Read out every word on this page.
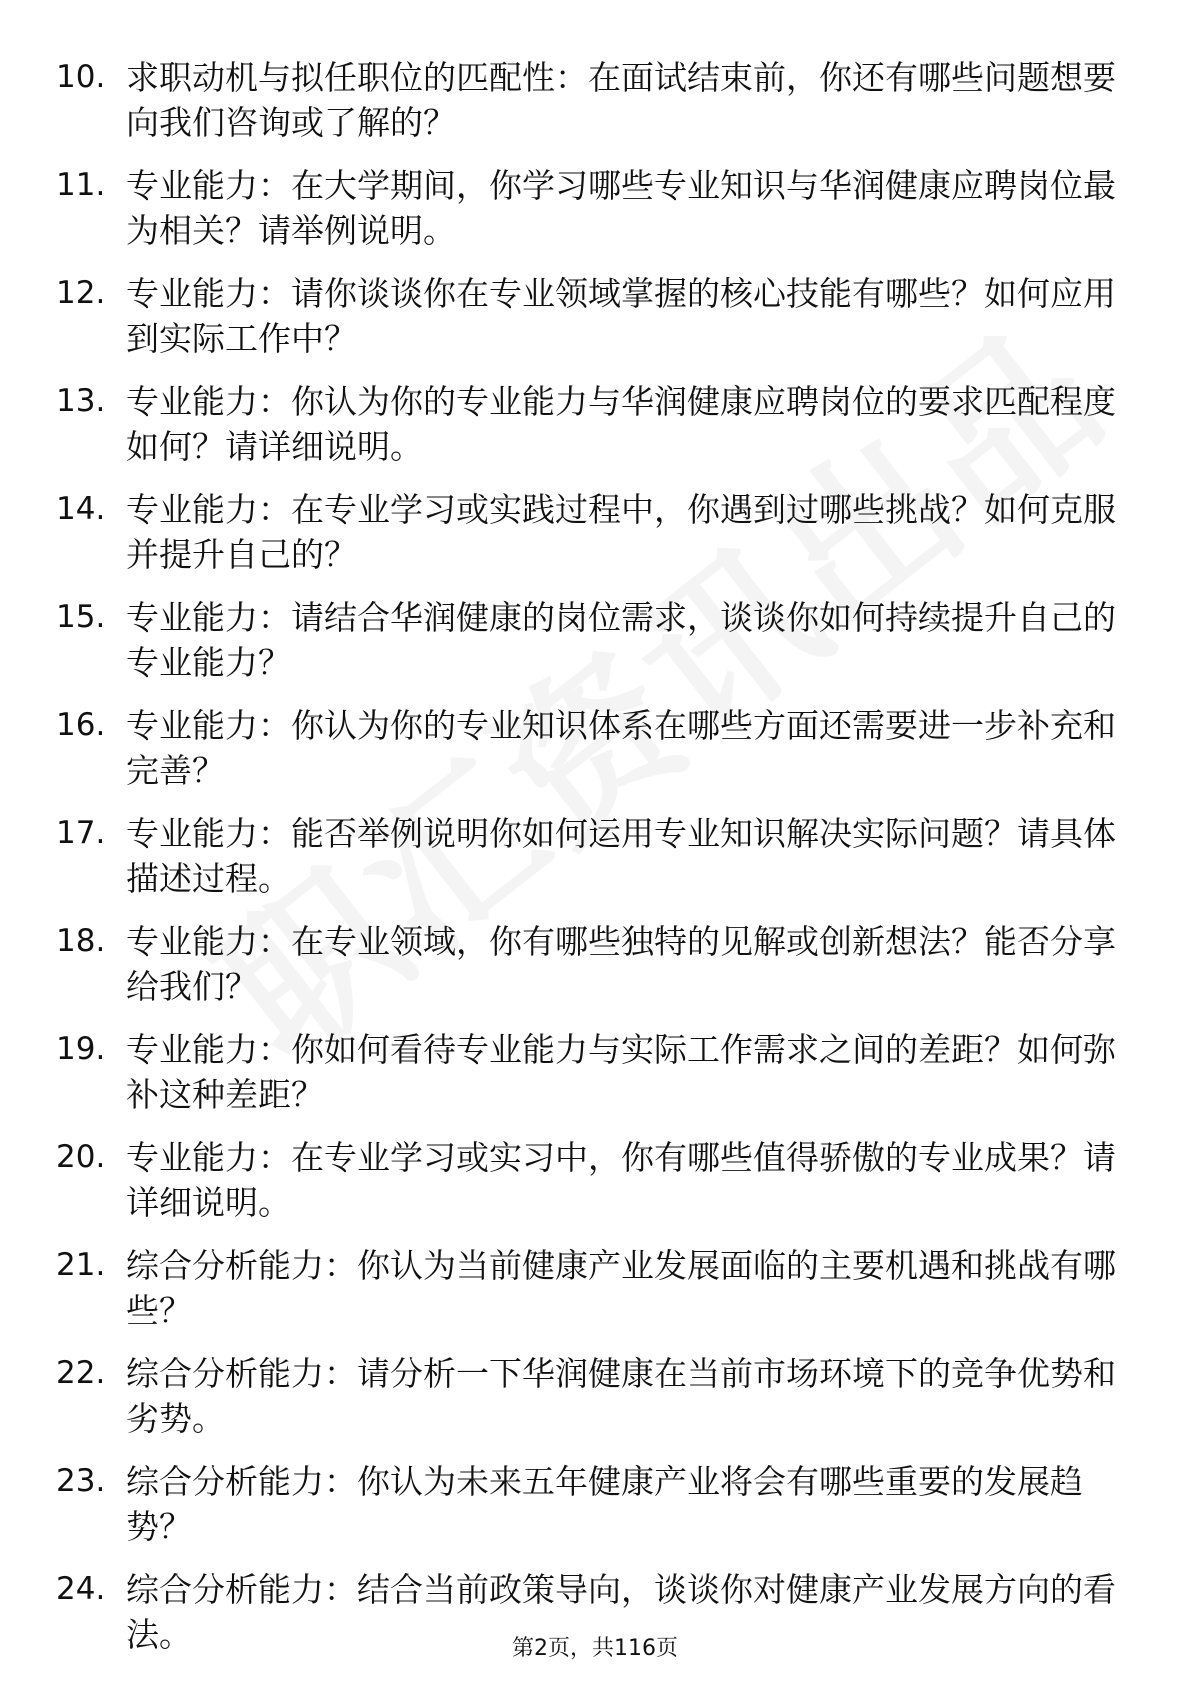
10. 求职动机与拟任职位的匹配性：在面试结束前，你还有哪些问题想要向我们咨询或了解的？
11. 专业能力：在大学期间，你学习哪些专业知识与华润健康应聘岗位最为相关？请举例说明。
12. 专业能力：请你谈谈你在专业领域掌握的核心技能有哪些？如何应用到实际工作中？
13. 专业能力：你认为你的专业能力与华润健康应聘岗位的要求匹配程度如何？请详细说明。
14. 专业能力：在专业学习或实践过程中，你遇到过哪些挑战？如何克服并提升自己的？
15. 专业能力：请结合华润健康的岗位需求，谈谈你如何持续提升自己的专业能力？
16. 专业能力：你认为你的专业知识体系在哪些方面还需要进一步补充和完善？
17. 专业能力：能否举例说明你如何运用专业知识解决实际问题？请具体描述过程。
18. 专业能力：在专业领域，你有哪些独特的见解或创新想法？能否分享给我们？
19. 专业能力：你如何看待专业能力与实际工作需求之间的差距？如何弥补这种差距？
20. 专业能力：在专业学习或实习中，你有哪些值得骄傲的专业成果？请详细说明。
21. 综合分析能力：你认为当前健康产业发展面临的主要机遇和挑战有哪些？
22. 综合分析能力：请分析一下华润健康在当前市场环境下的竞争优势和劣势。
23. 综合分析能力：你认为未来五年健康产业将会有哪些重要的发展趋势？
24. 综合分析能力：结合当前政策导向，谈谈你对健康产业发展方向的看法。	第2页，共116页
